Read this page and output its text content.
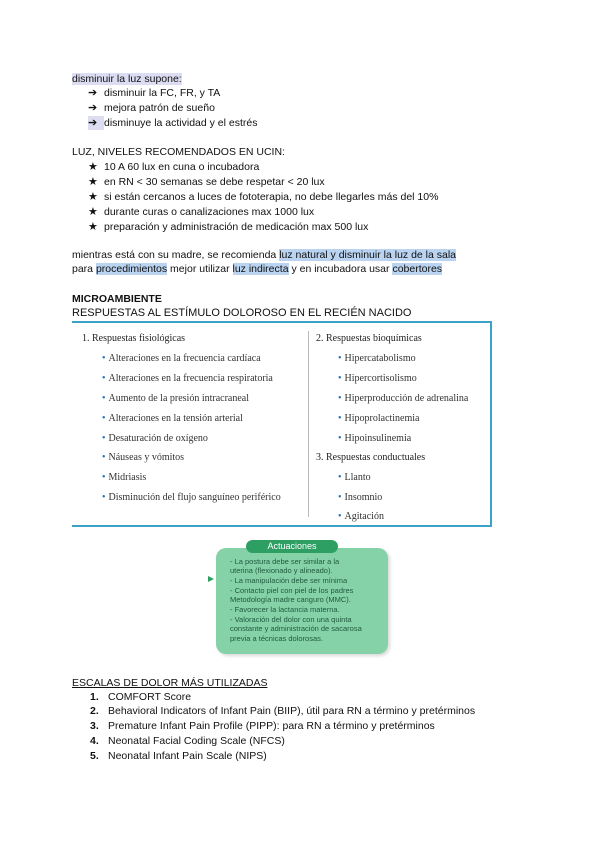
disminuir la luz supone:
➔ disminuir la FC, FR, y TA
➔ mejora patrón de sueño
➔ disminuye la actividad y el estrés
LUZ, NIVELES RECOMENDADOS EN UCIN:
★ 10 A 60 lux en cuna o incubadora
★ en RN < 30 semanas se debe respetar < 20 lux
★ si están cercanos a luces de fototerapia, no debe llegarles más del 10%
★ durante curas o canalizaciones max 1000 lux
★ preparación y administración de medicación max 500 lux
mientras está con su madre, se recomienda luz natural y disminuir la luz de la sala
para procedimientos mejor utilizar luz indirecta y en incubadora usar cobertores
MICROAMBIENTE
RESPUESTAS AL ESTÍMULO DOLOROSO EN EL RECIÉN NACIDO
1. Respuestas fisiológicas
• Alteraciones en la frecuencia cardíaca
• Alteraciones en la frecuencia respiratoria
• Aumento de la presión intracraneal
• Alteraciones en la tensión arterial
• Desaturación de oxígeno
• Náuseas y vómitos
• Midriasis
• Disminución del flujo sanguíneo periférico
2. Respuestas bioquímicas
• Hipercatabolismo
• Hipercortisolismo
• Hiperproducción de adrenalina
• Hipoprolactinemia
• Hipoinsulinemia
3. Respuestas conductuales
• Llanto
• Insomnio
• Agitación
Actuaciones
- La postura debe ser similar a la
uterina (flexionado y alineado).
- La manipulación debe ser mínima
- Contacto piel con piel de los padres
Metodología madre canguro (MMC).
- Favorecer la lactancia materna.
- Valoración del dolor con una quinta
constante y administración de sacarosa
previa a técnicas dolorosas.
ESCALAS DE DOLOR MÁS UTILIZADAS
1. COMFORT Score
2. Behavioral Indicators of Infant Pain (BIIP), útil para RN a término y pretérminos
3. Premature Infant Pain Profile (PIPP): para RN a término y pretérminos
4. Neonatal Facial Coding Scale (NFCS)
5. Neonatal Infant Pain Scale (NIPS)
